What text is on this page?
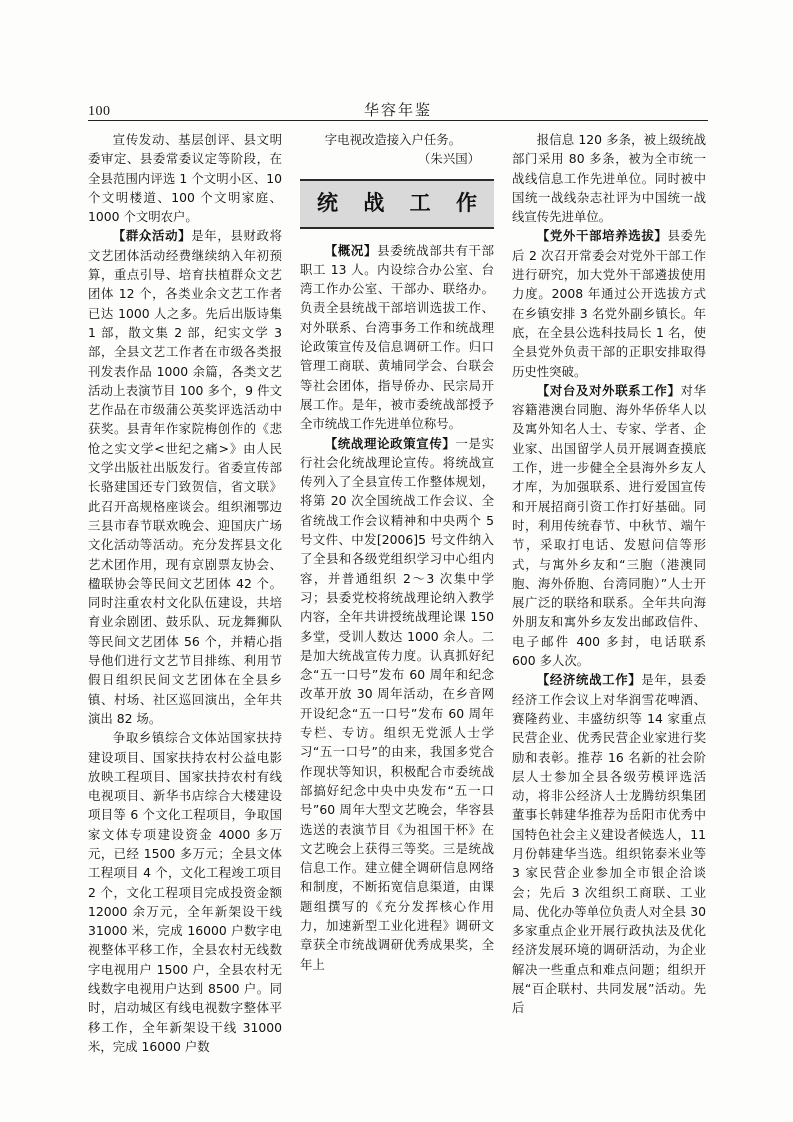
100	华容年鉴

宣传发动、基层创评、县文明委审定、县委常委议定等阶段，在全县范围内评选 1 个文明小区、10 个文明楼道、100 个文明家庭、1000 个文明农户。

【群众活动】是年，县财政将文艺团体活动经费继续纳入年初预算，重点引导、培育扶植群众文艺团体 12 个，各类业余文艺工作者已达 1000 人之多。先后出版诗集 1 部，散文集 2 部，纪实文学 3 部，全县文艺工作者在市级各类报刊发表作品 1000 余篇，各类文艺活动上表演节目 100 多个，9 件文艺作品在市级蒲公英奖评选活动中获奖。县青年作家院梅创作的《悲怆之实文学<世纪之痛>》由人民文学出版社出版发行。省委宣传部长骆建国还专门致贺信，省文联》此召开高规格座谈会。组织湘鄂边三县市春节联欢晚会、迎国庆广场文化活动等活动。充分发挥县文化艺术团作用，现有京剧票友协会、楹联协会等民间文艺团体 42 个。同时注重农村文化队伍建设，共培育业余剧团、鼓乐队、玩龙舞狮队等民间文艺团体 56 个，并精心指导他们进行文艺节目排练、利用节假日组织民间文艺团体在全县乡镇、村场、社区巡回演出，全年共演出 82 场。

争取乡镇综合文体站国家扶持建设项目、国家扶持农村公益电影放映工程项目、国家扶持农村有线电视项目、新华书店综合大楼建设项目等 6 个文化工程项目，争取国家文体专项建设资金 4000 多万元，已经 1500 多万元；全县文体工程项目 4 个，文化工程竣工项目 2 个，文化工程项目完成投资金额 12000 余万元，全年新架设干线 31000 米，完成 16000 户数字电视整体平移工作，全县农村无线数字电视用户 1500 户，全县农村无线数字电视用户达到 8500 户。同时，启动城区有线电视数字整体平移工作，全年新架设干线 31000 米，完成 16000 户数

字电视改造接入户任务。

（朱兴国）

统 战 工 作

【概况】县委统战部共有干部职工 13 人。内设综合办公室、台湾工作办公室、干部办、联络办。负责全县统战干部培训选拔工作、对外联系、台湾事务工作和统战理论政策宣传及信息调研工作。归口管理工商联、黄埔同学会、台联会等社会团体，指导侨办、民宗局开展工作。是年，被市委统战部授予全市统战工作先进单位称号。

【统战理论政策宣传】一是实行社会化统战理论宣传。将统战宣传列入了全县宣传工作整体规划，将第 20 次全国统战工作会议、全省统战工作会议精神和中央两个 5 号文件、中发[2006]5 号文件纳入了全县和各级党组织学习中心组内容，并普通组织 2～3 次集中学习；县委党校将统战理论纳入教学内容，全年共讲授统战理论课 150 多堂，受训人数达 1000 余人。二是加大统战宣传力度。认真抓好纪念“五一口号”发布 60 周年和纪念改革开放 30 周年活动，在乡音网开设纪念“五一口号”发布 60 周年专栏、专访。组织无党派人士学习“五一口号”的由来，我国多党合作现状等知识，积极配合市委统战部搞好纪念中央中央发布“五一口号”60 周年大型文艺晚会，华容县选送的表演节目《为祖国干杯》在文艺晚会上获得三等奖。三是统战信息工作。建立健全调研信息网络和制度，不断拓宽信息渠道，由课题组撰写的《充分发挥核心作用力，加速新型工业化进程》调研文章获全市统战调研优秀成果奖，全年上

报信息 120 多条，被上级统战部门采用 80 多条，被为全市统一战线信息工作先进单位。同时被中国统一战线杂志社评为中国统一战线宣传先进单位。

【党外干部培养选拔】县委先后 2 次召开常委会对党外干部工作进行研究，加大党外干部遴拔使用力度。2008 年通过公开选拔方式在乡镇安排 3 名党外副乡镇长。年底，在全县公选科技局长 1 名，使全县党外负责干部的正职安排取得历史性突破。

【对台及对外联系工作】对华容籍港澳台同胞、海外华侨华人以及寓外知名人士、专家、学者、企业家、出国留学人员开展调查摸底工作，进一步健全全县海外乡友人才库，为加强联系、进行爱国宣传和开展招商引资工作打好基础。同时，利用传统春节、中秋节、端午节，采取打电话、发慰问信等形式，与寓外乡友和“三胞（港澳同胞、海外侨胞、台湾同胞）”人士开展广泛的联络和联系。全年共向海外朋友和寓外乡友发出邮政信件、电子邮件 400 多封，电话联系 600 多人次。

【经济统战工作】是年，县委经济工作会议上对华润雪花啤酒、赛隆药业、丰盛纺织等 14 家重点民营企业、优秀民营企业家进行奖励和表彰。推荐 16 名新的社会阶层人士参加全县各级劳模评选活动，将非公经济人士龙腾纺织集团董事长韩建华推荐为岳阳市优秀中国特色社会主义建设者候选人，11 月份韩建华当选。组织铭泰米业等 3 家民营企业参加全市银企洽谈会；先后 3 次组织工商联、工业局、优化办等单位负责人对全县 30 多家重点企业开展行政执法及优化经济发展环境的调研活动，为企业解决一些重点和难点问题；组织开展“百企联村、共同发展”活动。先后
